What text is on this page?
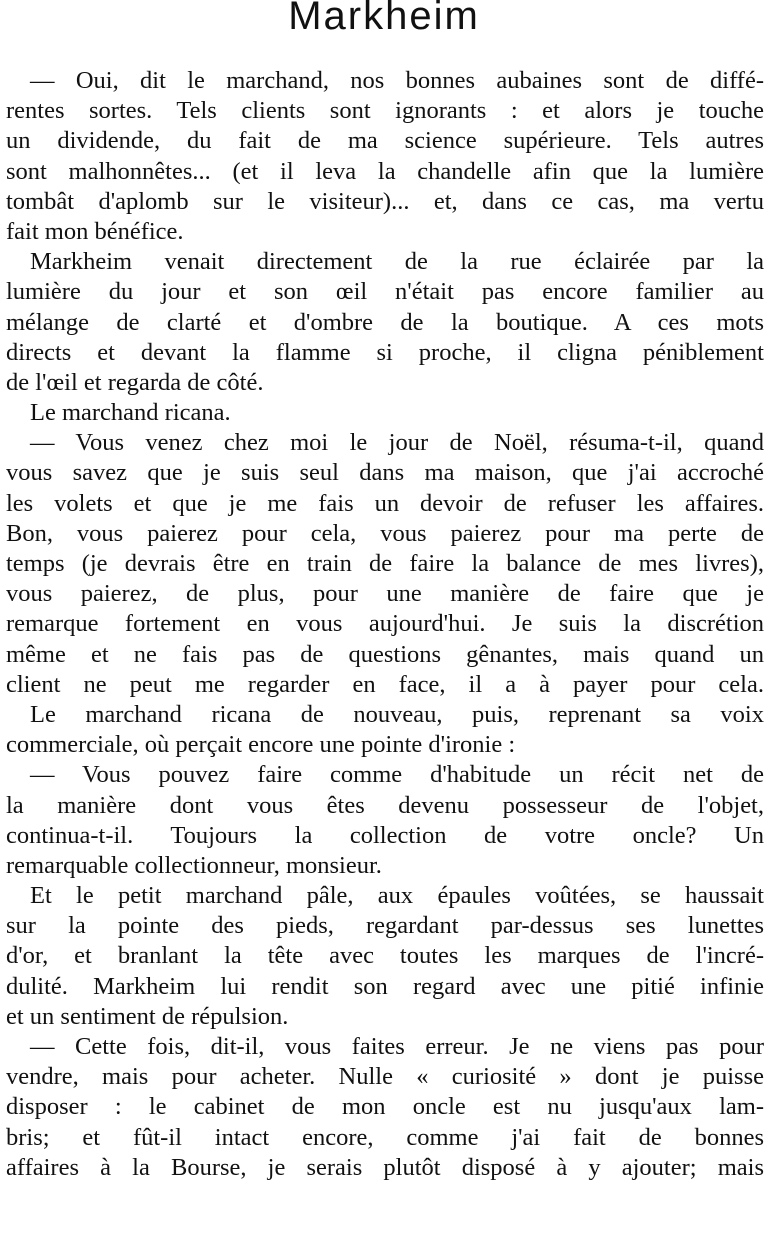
Markheim
— Oui, dit le marchand, nos bonnes aubaines sont de diffé-
rentes sortes. Tels clients sont ignorants : et alors je touche
un dividende, du fait de ma science supérieure. Tels autres
sont malhonnêtes... (et il leva la chandelle afin que la lumière
tombât d'aplomb sur le visiteur)... et, dans ce cas, ma vertu
fait mon bénéfice.
Markheim venait directement de la rue éclairée par la
lumière du jour et son œil n'était pas encore familier au
mélange de clarté et d'ombre de la boutique. A ces mots
directs et devant la flamme si proche, il cligna péniblement
de l'œil et regarda de côté.
Le marchand ricana.
— Vous venez chez moi le jour de Noël, résuma-t-il, quand
vous savez que je suis seul dans ma maison, que j'ai accroché
les volets et que je me fais un devoir de refuser les affaires.
Bon, vous paierez pour cela, vous paierez pour ma perte de
temps (je devrais être en train de faire la balance de mes livres),
vous paierez, de plus, pour une manière de faire que je
remarque fortement en vous aujourd'hui. Je suis la discrétion
même et ne fais pas de questions gênantes, mais quand un
client ne peut me regarder en face, il a à payer pour cela.
Le marchand ricana de nouveau, puis, reprenant sa voix
commerciale, où perçait encore une pointe d'ironie :
— Vous pouvez faire comme d'habitude un récit net de
la manière dont vous êtes devenu possesseur de l'objet,
continua-t-il. Toujours la collection de votre oncle? Un
remarquable collectionneur, monsieur.
Et le petit marchand pâle, aux épaules voûtées, se haussait
sur la pointe des pieds, regardant par-dessus ses lunettes
d'or, et branlant la tête avec toutes les marques de l'incré-
dulité. Markheim lui rendit son regard avec une pitié infinie
et un sentiment de répulsion.
— Cette fois, dit-il, vous faites erreur. Je ne viens pas pour
vendre, mais pour acheter. Nulle « curiosité » dont je puisse
disposer : le cabinet de mon oncle est nu jusqu'aux lam-
bris; et fût-il intact encore, comme j'ai fait de bonnes
affaires à la Bourse, je serais plutôt disposé à y ajouter; mais
